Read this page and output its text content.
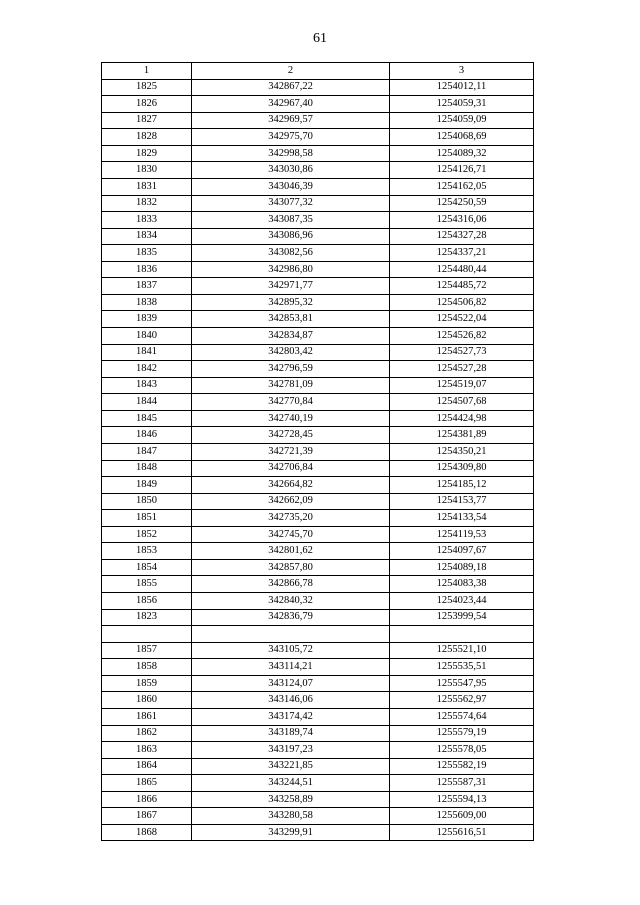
61
1	2	3
1825	342867,22	1254012,11
1826	342967,40	1254059,31
1827	342969,57	1254059,09
1828	342975,70	1254068,69
1829	342998,58	1254089,32
1830	343030,86	1254126,71
1831	343046,39	1254162,05
1832	343077,32	1254250,59
1833	343087,35	1254316,06
1834	343086,96	1254327,28
1835	343082,56	1254337,21
1836	342986,80	1254480,44
1837	342971,77	1254485,72
1838	342895,32	1254506,82
1839	342853,81	1254522,04
1840	342834,87	1254526,82
1841	342803,42	1254527,73
1842	342796,59	1254527,28
1843	342781,09	1254519,07
1844	342770,84	1254507,68
1845	342740,19	1254424,98
1846	342728,45	1254381,89
1847	342721,39	1254350,21
1848	342706,84	1254309,80
1849	342664,82	1254185,12
1850	342662,09	1254153,77
1851	342735,20	1254133,54
1852	342745,70	1254119,53
1853	342801,62	1254097,67
1854	342857,80	1254089,18
1855	342866,78	1254083,38
1856	342840,32	1254023,44
1823	342836,79	1253999,54

1857	343105,72	1255521,10
1858	343114,21	1255535,51
1859	343124,07	1255547,95
1860	343146,06	1255562,97
1861	343174,42	1255574,64
1862	343189,74	1255579,19
1863	343197,23	1255578,05
1864	343221,85	1255582,19
1865	343244,51	1255587,31
1866	343258,89	1255594,13
1867	343280,58	1255609,00
1868	343299,91	1255616,51
